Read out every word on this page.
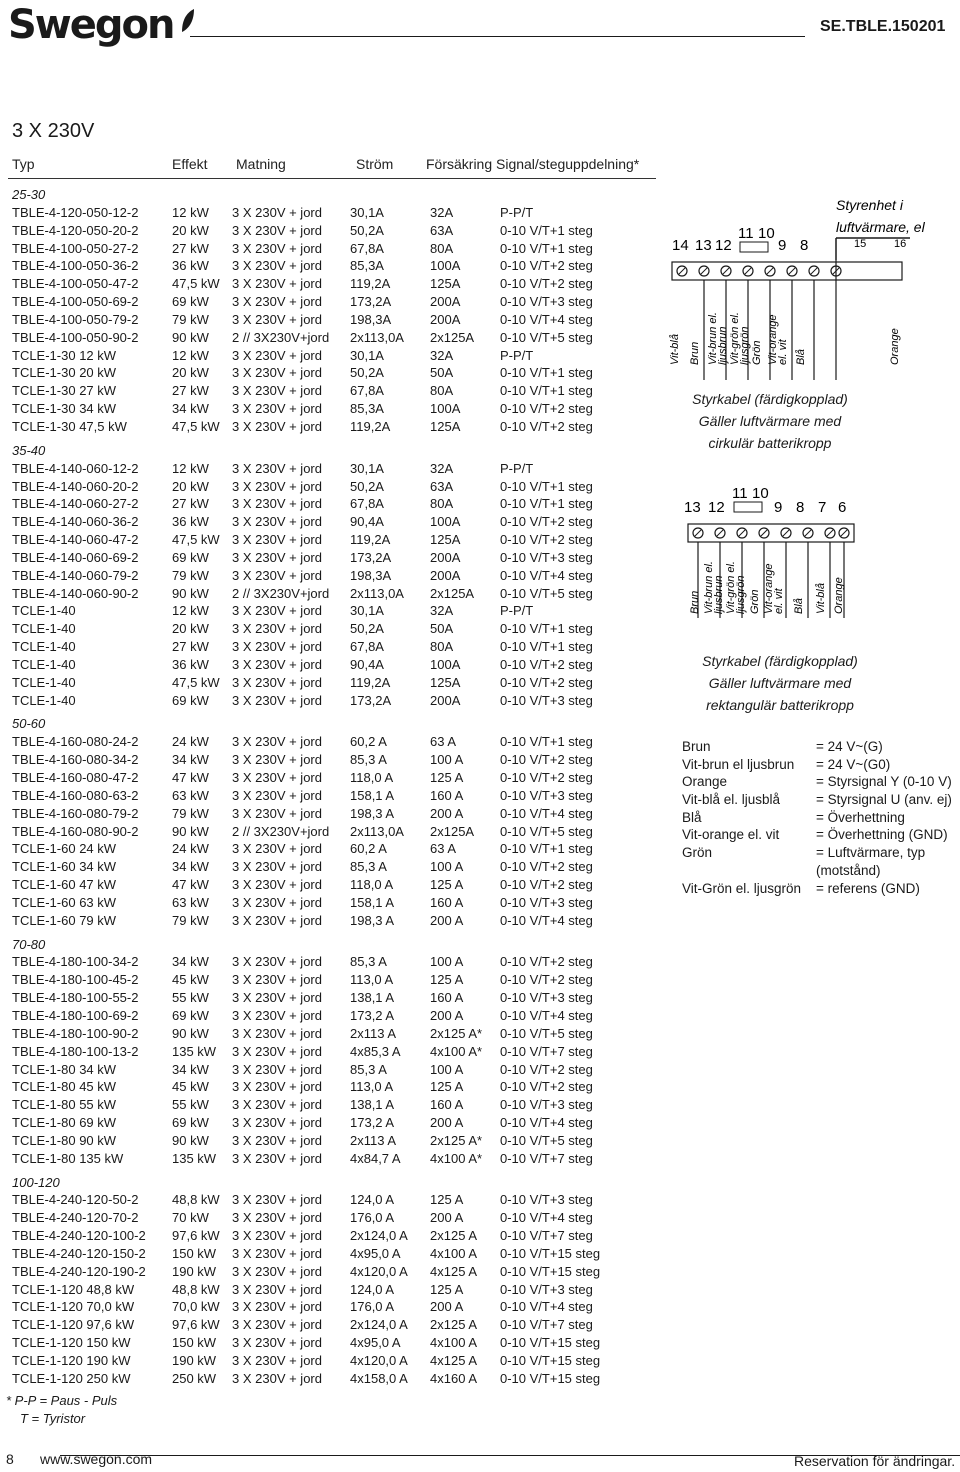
Swegon	SE.TBLE.150201
3 X 230V
Typ	Effekt Matning	Ström Försäkring Signal/steguppdelning*
25-30
TBLE-4-120-050-12-2	12 kW 3 X 230V + jord 30,1A	32A	P-P/T
TBLE-4-120-050-20-2	20 kW 3 X 230V + jord 50,2A	63A	0-10 V/T+1 steg
TBLE-4-100-050-27-2	27 kW 3 X 230V + jord 67,8A	80A	0-10 V/T+1 steg
TBLE-4-100-050-36-2	36 kW 3 X 230V + jord 85,3A	100A	0-10 V/T+2 steg
TBLE-4-100-050-47-2	47,5 kW 3 X 230V + jord 119,2A	125A	0-10 V/T+2 steg
TBLE-4-100-050-69-2	69 kW 3 X 230V + jord 173,2A	200A	0-10 V/T+3 steg
TBLE-4-100-050-79-2	79 kW 3 X 230V + jord 198,3A	200A	0-10 V/T+4 steg
TBLE-4-100-050-90-2	90 kW 2 // 3X230V+jord 2x113,0A 2x125A 0-10 V/T+5 steg
TCLE-1-30 12 kW	12 kW 3 X 230V + jord 30,1A	32A	P-P/T
TCLE-1-30 20 kW	20 kW 3 X 230V + jord 50,2A	50A	0-10 V/T+1 steg
TCLE-1-30 27 kW	27 kW 3 X 230V + jord 67,8A	80A	0-10 V/T+1 steg
TCLE-1-30 34 kW	34 kW 3 X 230V + jord 85,3A	100A	0-10 V/T+2 steg
TCLE-1-30 47,5 kW	47,5 kW 3 X 230V + jord 119,2A	125A	0-10 V/T+2 steg
35-40
TBLE-4-140-060-12-2	12 kW 3 X 230V + jord 30,1A	32A	P-P/T
TBLE-4-140-060-20-2	20 kW 3 X 230V + jord 50,2A	63A	0-10 V/T+1 steg
TBLE-4-140-060-27-2	27 kW 3 X 230V + jord 67,8A	80A	0-10 V/T+1 steg
TBLE-4-140-060-36-2	36 kW 3 X 230V + jord 90,4A	100A	0-10 V/T+2 steg
TBLE-4-140-060-47-2	47,5 kW 3 X 230V + jord 119,2A	125A	0-10 V/T+2 steg
TBLE-4-140-060-69-2	69 kW 3 X 230V + jord 173,2A	200A	0-10 V/T+3 steg
TBLE-4-140-060-79-2	79 kW 3 X 230V + jord 198,3A	200A	0-10 V/T+4 steg
TBLE-4-140-060-90-2	90 kW 2 // 3X230V+jord 2x113,0A 2x125A 0-10 V/T+5 steg
TCLE-1-40	12 kW 3 X 230V + jord 30,1A	32A	P-P/T
TCLE-1-40	20 kW 3 X 230V + jord 50,2A	50A	0-10 V/T+1 steg
TCLE-1-40	27 kW 3 X 230V + jord 67,8A	80A	0-10 V/T+1 steg
TCLE-1-40	36 kW 3 X 230V + jord 90,4A	100A	0-10 V/T+2 steg
TCLE-1-40	47,5 kW 3 X 230V + jord 119,2A	125A	0-10 V/T+2 steg
TCLE-1-40	69 kW 3 X 230V + jord 173,2A	200A	0-10 V/T+3 steg
50-60
TBLE-4-160-080-24-2	24 kW 3 X 230V + jord 60,2 A	63 A	0-10 V/T+1 steg
TBLE-4-160-080-34-2	34 kW 3 X 230V + jord 85,3 A	100 A	0-10 V/T+2 steg
TBLE-4-160-080-47-2	47 kW 3 X 230V + jord 118,0 A	125 A	0-10 V/T+2 steg
TBLE-4-160-080-63-2	63 kW 3 X 230V + jord 158,1 A	160 A	0-10 V/T+3 steg
TBLE-4-160-080-79-2	79 kW 3 X 230V + jord 198,3 A	200 A	0-10 V/T+4 steg
TBLE-4-160-080-90-2	90 kW 2 // 3X230V+jord 2x113,0A 2x125A 0-10 V/T+5 steg
TCLE-1-60 24 kW	24 kW 3 X 230V + jord 60,2 A	63 A	0-10 V/T+1 steg
TCLE-1-60 34 kW	34 kW 3 X 230V + jord 85,3 A	100 A	0-10 V/T+2 steg
TCLE-1-60 47 kW	47 kW 3 X 230V + jord 118,0 A	125 A	0-10 V/T+2 steg
TCLE-1-60 63 kW	63 kW 3 X 230V + jord 158,1 A	160 A	0-10 V/T+3 steg
TCLE-1-60 79 kW	79 kW 3 X 230V + jord 198,3 A	200 A	0-10 V/T+4 steg
70-80
TBLE-4-180-100-34-2	34 kW 3 X 230V + jord 85,3 A	100 A	0-10 V/T+2 steg
TBLE-4-180-100-45-2	45 kW 3 X 230V + jord 113,0 A	125 A	0-10 V/T+2 steg
TBLE-4-180-100-55-2	55 kW 3 X 230V + jord 138,1 A	160 A	0-10 V/T+3 steg
TBLE-4-180-100-69-2	69 kW 3 X 230V + jord 173,2 A	200 A	0-10 V/T+4 steg
TBLE-4-180-100-90-2	90 kW 3 X 230V + jord 2x113 A	2x125 A* 0-10 V/T+5 steg
TBLE-4-180-100-13-2	135 kW 3 X 230V + jord 4x85,3 A 4x100 A* 0-10 V/T+7 steg
TCLE-1-80 34 kW	34 kW 3 X 230V + jord 85,3 A	100 A	0-10 V/T+2 steg
TCLE-1-80 45 kW	45 kW 3 X 230V + jord 113,0 A	125 A	0-10 V/T+2 steg
TCLE-1-80 55 kW	55 kW 3 X 230V + jord 138,1 A	160 A	0-10 V/T+3 steg
TCLE-1-80 69 kW	69 kW 3 X 230V + jord 173,2 A	200 A	0-10 V/T+4 steg
TCLE-1-80 90 kW	90 kW 3 X 230V + jord 2x113 A	2x125 A* 0-10 V/T+5 steg
TCLE-1-80 135 kW	135 kW 3 X 230V + jord 4x84,7 A 4x100 A* 0-10 V/T+7 steg
100-120
TBLE-4-240-120-50-2	48,8 kW 3 X 230V + jord 124,0 A	125 A	0-10 V/T+3 steg
TBLE-4-240-120-70-2	70 kW 3 X 230V + jord 176,0 A	200 A	0-10 V/T+4 steg
TBLE-4-240-120-100-2 97,6 kW 3 X 230V + jord 2x124,0 A 2x125 A 0-10 V/T+7 steg
TBLE-4-240-120-150-2 150 kW 3 X 230V + jord 4x95,0 A 4x100 A 0-10 V/T+15 steg
TBLE-4-240-120-190-2 190 kW 3 X 230V + jord 4x120,0 A 4x125 A 0-10 V/T+15 steg
TCLE-1-120 48,8 kW	48,8 kW 3 X 230V + jord 124,0 A	125 A	0-10 V/T+3 steg
TCLE-1-120 70,0 kW	70,0 kW 3 X 230V + jord 176,0 A	200 A	0-10 V/T+4 steg
TCLE-1-120 97,6 kW	97,6 kW 3 X 230V + jord 2x124,0 A 2x125 A 0-10 V/T+7 steg
TCLE-1-120 150 kW	150 kW 3 X 230V + jord 4x95,0 A 4x100 A 0-10 V/T+15 steg
TCLE-1-120 190 kW	190 kW 3 X 230V + jord 4x120,0 A 4x125 A 0-10 V/T+15 steg
TCLE-1-120 250 kW	250 kW 3 X 230V + jord 4x158,0 A 4x160 A 0-10 V/T+15 steg
* P-P = Paus - Puls
T = Tyristor
Styrenhet i
luftvärmare, el
15	16
14 13 12
11 10
9 8
Vit-blå Brun Vit-brun el.
ljusbrun Vit-grön el.
ljusgrön Grön Vit-orange
el. vit Blå	Orange
Styrkabel (färdigkopplad)
Gäller luftvärmare med
cirkulär batterikropp
13 12
11 10
9 8 7 6
Brun Vit-brun el.
ljusbrun Vit-grön el.
ljusgrön Grön Vit-orange
el. vit Blå Vit-blå Orange
Styrkabel (färdigkopplad)
Gäller luftvärmare med
rektangulär batterikropp
Brun	= 24 V~(G)
Vit-brun el ljusbrun = 24 V~(G0)
Orange	= Styrsignal Y (0-10 V)
Vit-blå el. ljusblå	= Styrsignal U (anv. ej)
Blå	= Överhettning
Vit-orange el. vit	= Överhettning (GND)
Grön	= Luftvärmare, typ
(motstånd)
Vit-Grön el. ljusgrön = referens (GND)
8 www.swegon.com	Reservation för ändringar.
